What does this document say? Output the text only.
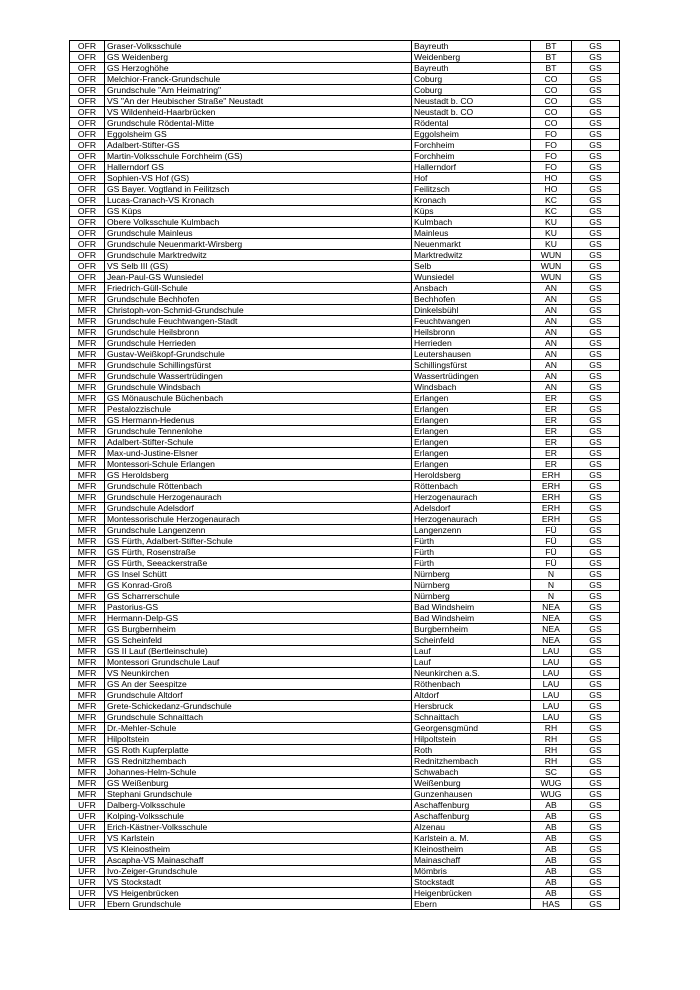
OFR	Graser-Volksschule	Bayreuth	BT	GS
OFR	GS Weidenberg	Weidenberg	BT	GS
OFR	GS Herzoghöhe	Bayreuth	BT	GS
OFR	Melchior-Franck-Grundschule	Coburg	CO	GS
OFR	Grundschule "Am Heimatring"	Coburg	CO	GS
OFR	VS "An der Heubischer Straße" Neustadt	Neustadt b. CO	CO	GS
OFR	VS Wildenheid-Haarbrücken	Neustadt b. CO	CO	GS
OFR	Grundschule Rödental-Mitte	Rödental	CO	GS
OFR	Eggolsheim GS	Eggolsheim	FO	GS
OFR	Adalbert-Stifter-GS	Forchheim	FO	GS
OFR	Martin-Volksschule Forchheim (GS)	Forchheim	FO	GS
OFR	Hallerndorf GS	Hallerndorf	FO	GS
OFR	Sophien-VS Hof (GS)	Hof	HO	GS
OFR	GS Bayer. Vogtland in Feilitzsch	Feilitzsch	HO	GS
OFR	Lucas-Cranach-VS Kronach	Kronach	KC	GS
OFR	GS Küps	Küps	KC	GS
OFR	Obere Volksschule Kulmbach	Kulmbach	KU	GS
OFR	Grundschule Mainleus	Mainleus	KU	GS
OFR	Grundschule Neuenmarkt-Wirsberg	Neuenmarkt	KU	GS
OFR	Grundschule Marktredwitz	Marktredwitz	WUN	GS
OFR	VS Selb III (GS)	Selb	WUN	GS
OFR	Jean-Paul-GS Wunsiedel	Wunsiedel	WUN	GS
MFR	Friedrich-Güll-Schule	Ansbach	AN	GS
MFR	Grundschule Bechhofen	Bechhofen	AN	GS
MFR	Christoph-von-Schmid-Grundschule	Dinkelsbühl	AN	GS
MFR	Grundschule Feuchtwangen-Stadt	Feuchtwangen	AN	GS
MFR	Grundschule Heilsbronn	Heilsbronn	AN	GS
MFR	Grundschule Herrieden	Herrieden	AN	GS
MFR	Gustav-Weißkopf-Grundschule	Leutershausen	AN	GS
MFR	Grundschule Schillingsfürst	Schillingsfürst	AN	GS
MFR	Grundschule Wassertrüdingen	Wassertrüdingen	AN	GS
MFR	Grundschule Windsbach	Windsbach	AN	GS
MFR	GS Mönauschule Büchenbach	Erlangen	ER	GS
MFR	Pestalozzischule	Erlangen	ER	GS
MFR	GS Hermann-Hedenus	Erlangen	ER	GS
MFR	Grundschule Tennenlohe	Erlangen	ER	GS
MFR	Adalbert-Stifter-Schule	Erlangen	ER	GS
MFR	Max-und-Justine-Elsner	Erlangen	ER	GS
MFR	Montessori-Schule Erlangen	Erlangen	ER	GS
MFR	GS Heroldsberg	Heroldsberg	ERH	GS
MFR	Grundschule Röttenbach	Röttenbach	ERH	GS
MFR	Grundschule Herzogenaurach	Herzogenaurach	ERH	GS
MFR	Grundschule Adelsdorf	Adelsdorf	ERH	GS
MFR	Montessorischule Herzogenaurach	Herzogenaurach	ERH	GS
MFR	Grundschule Langenzenn	Langenzenn	FÜ	GS
MFR	GS Fürth, Adalbert-Stifter-Schule	Fürth	FÜ	GS
MFR	GS Fürth, Rosenstraße	Fürth	FÜ	GS
MFR	GS Fürth, Seeackerstraße	Fürth	FÜ	GS
MFR	GS Insel Schütt	Nürnberg	N	GS
MFR	GS Konrad-Groß	Nürnberg	N	GS
MFR	GS Scharrerschule	Nürnberg	N	GS
MFR	Pastorius-GS	Bad Windsheim	NEA	GS
MFR	Hermann-Delp-GS	Bad Windsheim	NEA	GS
MFR	GS Burgbernheim	Burgbernheim	NEA	GS
MFR	GS Scheinfeld	Scheinfeld	NEA	GS
MFR	GS II Lauf (Bertleinschule)	Lauf	LAU	GS
MFR	Montessori Grundschule Lauf	Lauf	LAU	GS
MFR	VS Neunkirchen	Neunkirchen a.S.	LAU	GS
MFR	GS An der Seespitze	Röthenbach	LAU	GS
MFR	Grundschule Altdorf	Altdorf	LAU	GS
MFR	Grete-Schickedanz-Grundschule	Hersbruck	LAU	GS
MFR	Grundschule Schnaittach	Schnaittach	LAU	GS
MFR	Dr.-Mehler-Schule	Georgensgmünd	RH	GS
MFR	Hilpoltstein	Hilpoltstein	RH	GS
MFR	GS Roth Kupferplatte	Roth	RH	GS
MFR	GS Rednitzhembach	Rednitzhembach	RH	GS
MFR	Johannes-Helm-Schule	Schwabach	SC	GS
MFR	GS Weißenburg	Weißenburg	WUG	GS
MFR	Stephani Grundschule	Gunzenhausen	WUG	GS
UFR	Dalberg-Volksschule	Aschaffenburg	AB	GS
UFR	Kolping-Volksschule	Aschaffenburg	AB	GS
UFR	Erich-Kästner-Volksschule	Alzenau	AB	GS
UFR	VS Karlstein	Karlstein a. M.	AB	GS
UFR	VS Kleinostheim	Kleinostheim	AB	GS
UFR	Ascapha-VS Mainaschaff	Mainaschaff	AB	GS
UFR	Ivo-Zeiger-Grundschule	Mömbris	AB	GS
UFR	VS Stockstadt	Stockstadt	AB	GS
UFR	VS Heigenbrücken	Heigenbrücken	AB	GS
UFR	Ebern Grundschule	Ebern	HAS	GS
